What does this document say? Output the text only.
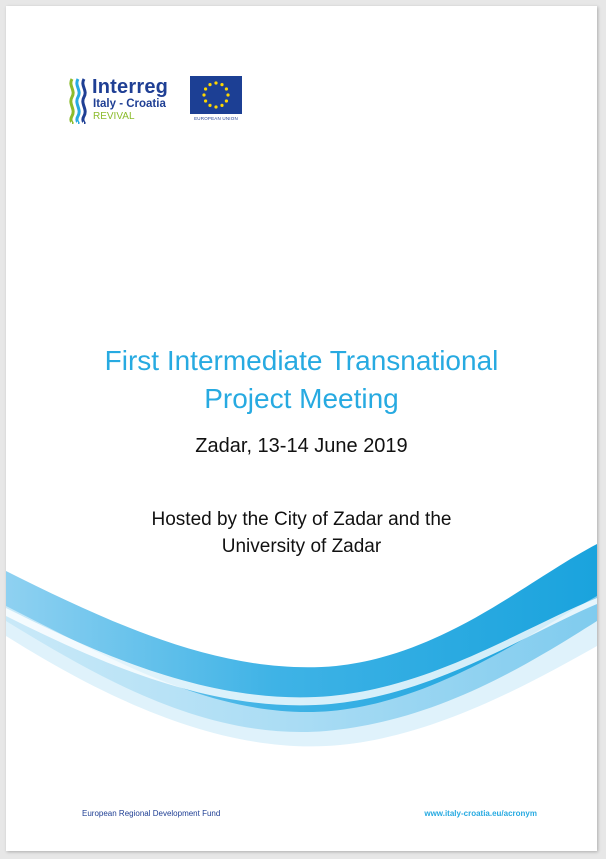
Interreg
Italy - Croatia
REVIVAL	EUROPEAN UNION
First Intermediate Transnational
Project Meeting
Zadar, 13-14 June 2019
Hosted by the City of Zadar and the
University of Zadar
European Regional Development Fund	www.italy-croatia.eu/acronym
